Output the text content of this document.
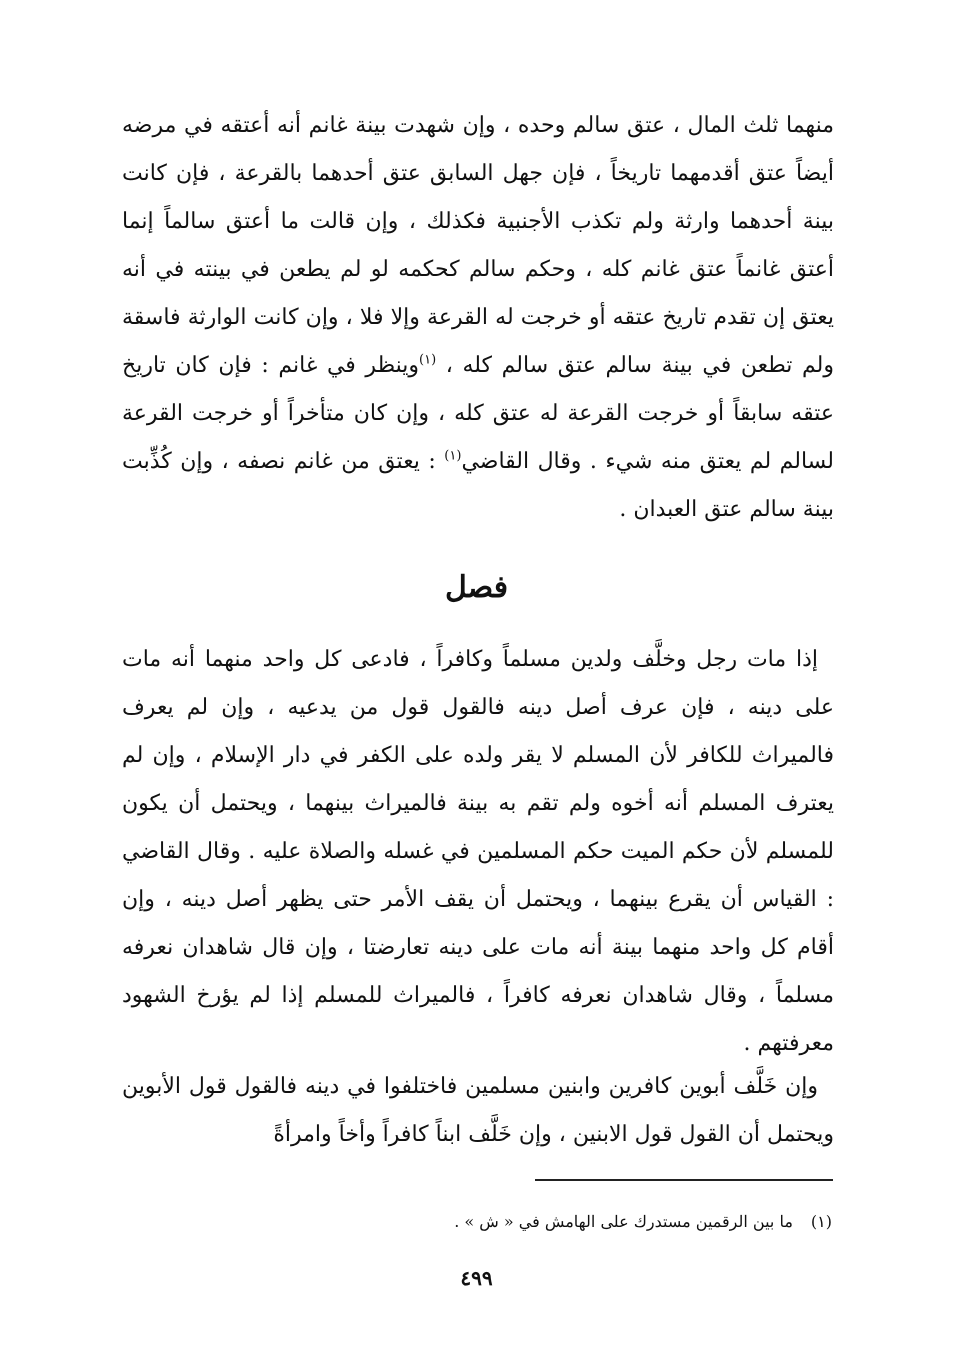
منهما ثلث المال ، عتق سالم وحده ، وإن شهدت بينة غانم أنه أعتقه في مرضه أيضاً عتق أقدمهما تاريخاً ، فإن جهل السابق عتق أحدهما بالقرعة ، فإن كانت بينة أحدهما وارثة ولم تكذب الأجنبية فكذلك ، وإن قالت ما أعتق سالماً إنما أعتق غانماً عتق غانم كله ، وحكم سالم كحكمه لو لم يطعن في بينته في أنه يعتق إن تقدم تاريخ عتقه أو خرجت له القرعة وإلا فلا ، وإن كانت الوارثة فاسقة ولم تطعن في بينة سالم عتق سالم كله ، $^{(١)}$وينظر في غانم : فإن كان تاريخ عتقه سابقاً أو خرجت القرعة له عتق كله ، وإن كان متأخراً أو خرجت القرعة لسالم لم يعتق منه شيء . وقال القاضي$^{(١)}$ : يعتق من غانم نصفه ، وإن كُذِّبت بينة سالم عتق العبدان .

فصل

إذا مات رجل وخلَّف ولدين مسلماً وكافراً ، فادعى كل واحد منهما أنه مات على دينه ، فإن عرف أصل دينه فالقول قول من يدعيه ، وإن لم يعرف فالميراث للكافر لأن المسلم لا يقر ولده على الكفر في دار الإسلام ، وإن لم يعترف المسلم أنه أخوه ولم تقم به بينة فالميراث بينهما ، ويحتمل أن يكون للمسلم لأن حكم الميت حكم المسلمين في غسله والصلاة عليه . وقال القاضي : القياس أن يقرع بينهما ، ويحتمل أن يقف الأمر حتى يظهر أصل دينه ، وإن أقام كل واحد منهما بينة أنه مات على دينه تعارضتا ، وإن قال شاهدان نعرفه مسلماً ، وقال شاهدان نعرفه كافراً ، فالميراث للمسلم إذا لم يؤرخ الشهود معرفتهم .

وإن خَلَّف أبوين كافرين وابنين مسلمين فاختلفوا في دينه فالقول قول الأبوين ويحتمل أن القول قول الابنين ، وإن خَلَّف ابناً كافراً وأخاً وامرأةً

(١)ما بين الرقمين مستدرك على الهامش في « ش » .

٤٩٩
